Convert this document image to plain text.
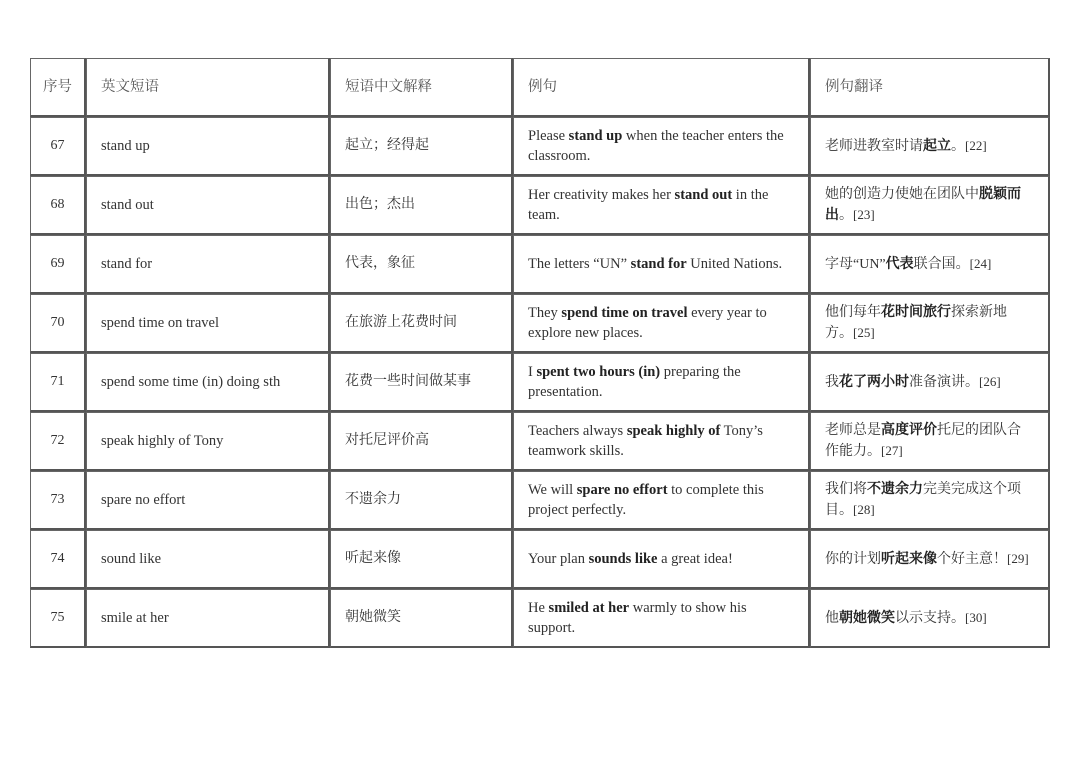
序号	英文短语	短语中文解释	例句	例句翻译
67	stand up	起立；经得起	Please stand up when the teacher enters the classroom.	老师进教室时请起立。[22]
68	stand out	出色；杰出	Her creativity makes her stand out in the team.	她的创造力使她在团队中脱颖而出。[23]
69	stand for	代表，象征	The letters “UN” stand for United Nations.	字母“UN”代表联合国。[24]
70	spend time on travel	在旅游上花费时间	They spend time on travel every year to explore new places.	他们每年花时间旅行探索新地方。[25]
71	spend some time (in) doing sth	花费一些时间做某事	I spent two hours (in) preparing the presentation.	我花了两小时准备演讲。[26]
72	speak highly of Tony	对托尼评价高	Teachers always speak highly of Tony’s teamwork skills.	老师总是高度评价托尼的团队合作能力。[27]
73	spare no effort	不遗余力	We will spare no effort to complete this project perfectly.	我们将不遗余力完美完成这个项目。[28]
74	sound like	听起来像	Your plan sounds like a great idea!	你的计划听起来像个好主意！[29]
75	smile at her	朝她微笑	He smiled at her warmly to show his support.	他朝她微笑以示支持。[30]
